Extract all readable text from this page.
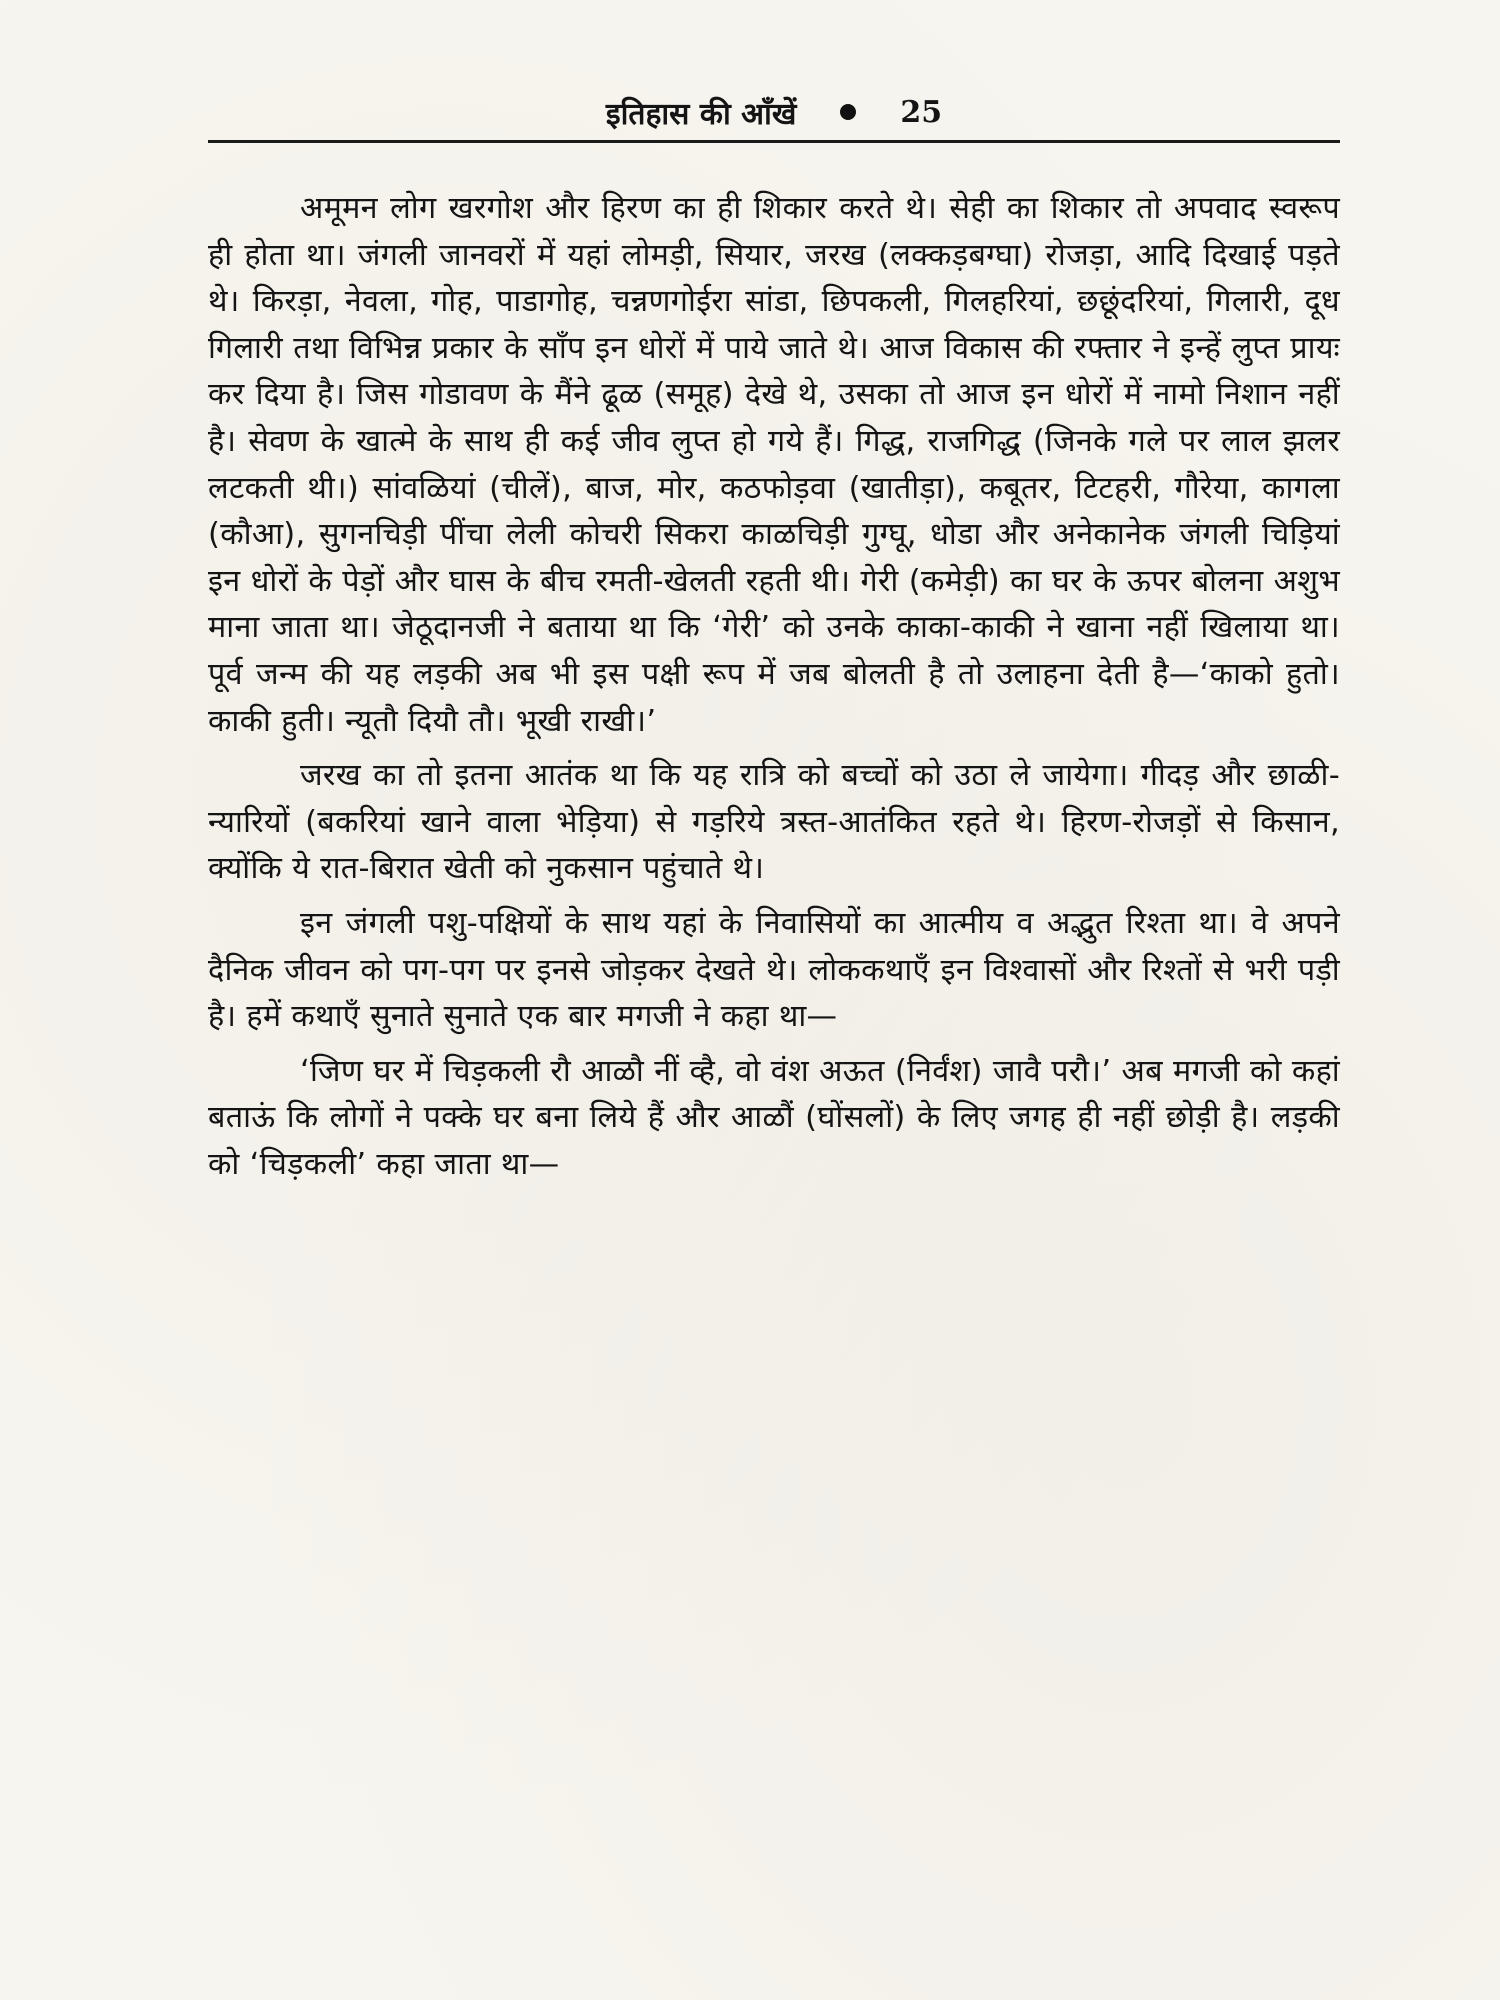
इतिहास की आँखें	25

अमूमन लोग खरगोश और हिरण का ही शिकार करते थे। सेही का शिकार तो अपवाद स्वरूप ही होता था। जंगली जानवरों में यहां लोमड़ी, सियार, जरख (लक्कड़बग्घा) रोजड़ा, आदि दिखाई पड़ते थे। किरड़ा, नेवला, गोह, पाडागोह, चन्नणगोईरा सांडा, छिपकली, गिलहरियां, छछूंदरियां, गिलारी, दूध गिलारी तथा विभिन्न प्रकार के साँप इन धोरों में पाये जाते थे। आज विकास की रफ्तार ने इन्हें लुप्त प्रायः कर दिया है। जिस गोडावण के मैंने ढूळ (समूह) देखे थे, उसका तो आज इन धोरों में नामो निशान नहीं है। सेवण के खात्मे के साथ ही कई जीव लुप्त हो गये हैं। गिद्ध, राजगिद्ध (जिनके गले पर लाल झलर लटकती थी।) सांवळियां (चीलें), बाज, मोर, कठफोड़वा (खातीड़ा), कबूतर, टिटहरी, गौरेया, कागला (कौआ), सुगनचिड़ी पींचा लेली कोचरी सिकरा काळचिड़ी गुग्घू, धोडा और अनेकानेक जंगली चिड़ियां इन धोरों के पेड़ों और घास के बीच रमती-खेलती रहती थी। गेरी (कमेड़ी) का घर के ऊपर बोलना अशुभ माना जाता था। जेठूदानजी ने बताया था कि ‘गेरी’ को उनके काका-काकी ने खाना नहीं खिलाया था। पूर्व जन्म की यह लड़की अब भी इस पक्षी रूप में जब बोलती है तो उलाहना देती है—‘काको हुतो। काकी हुती। न्यूतौ दियौ तौ। भूखी राखी।’

जरख का तो इतना आतंक था कि यह रात्रि को बच्चों को उठा ले जायेगा। गीदड़ और छाळी-न्यारियों (बकरियां खाने वाला भेड़िया) से गड़रिये त्रस्त-आतंकित रहते थे। हिरण-रोजड़ों से किसान, क्योंकि ये रात-बिरात खेती को नुकसान पहुंचाते थे।

इन जंगली पशु-पक्षियों के साथ यहां के निवासियों का आत्मीय व अद्भुत रिश्ता था। वे अपने दैनिक जीवन को पग-पग पर इनसे जोड़कर देखते थे। लोककथाएँ इन विश्वासों और रिश्तों से भरी पड़ी है। हमें कथाएँ सुनाते सुनाते एक बार मगजी ने कहा था—

‘जिण घर में चिड़कली रौ आळौ नीं व्है, वो वंश अऊत (निर्वंश) जावै परौ।’ अब मगजी को कहां बताऊं कि लोगों ने पक्के घर बना लिये हैं और आळौं (घोंसलों) के लिए जगह ही नहीं छोड़ी है। लड़की को ‘चिड़कली’ कहा जाता था—
